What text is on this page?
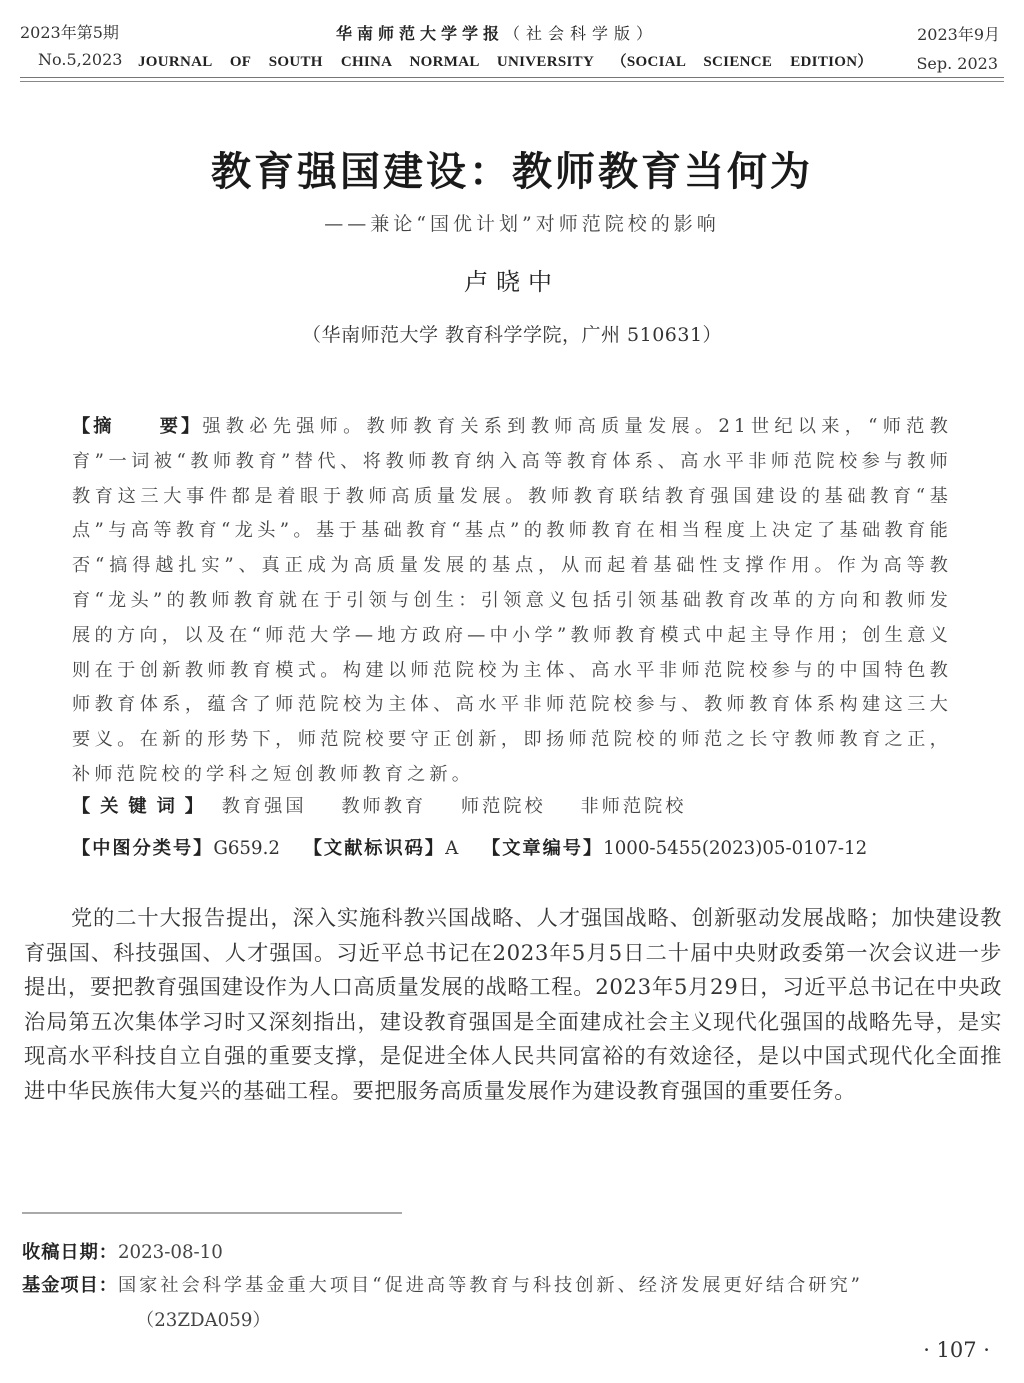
2023年第5期	华南师范大学学报（社会科学版）	2023年9月
No.5,2023 JOURNAL OF SOUTH CHINA NORMAL UNIVERSITY （SOCIAL SCIENCE EDITION）	Sep. 2023
教育强国建设：教师教育当何为
——兼论“国优计划”对师范院校的影响
卢晓中
（华南师范大学 教育科学学院，广州 510631）
【摘 要】强教必先强师。教师教育关系到教师高质量发展。21世纪以来，“师范教育”一词被“教师教育”替代、将教师教育纳入高等教育体系、高水平非师范院校参与教师教育这三大事件都是着眼于教师高质量发展。教师教育联结教育强国建设的基础教育“基点”与高等教育“龙头”。基于基础教育“基点”的教师教育在相当程度上决定了基础教育能否“搞得越扎实”、真正成为高质量发展的基点，从而起着基础性支撑作用。作为高等教育“龙头”的教师教育就在于引领与创生：引领意义包括引领基础教育改革的方向和教师发展的方向，以及在“师范大学—地方政府—中小学”教师教育模式中起主导作用；创生意义则在于创新教师教育模式。构建以师范院校为主体、高水平非师范院校参与的中国特色教师教育体系，蕴含了师范院校为主体、高水平非师范院校参与、教师教育体系构建这三大要义。在新的形势下，师范院校要守正创新，即扬师范院校的师范之长守教师教育之正，补师范院校的学科之短创教师教育之新。
【关键词】 教育强国 教师教育 师范院校 非师范院校
【中图分类号】G659.2 【文献标识码】A 【文章编号】1000-5455(2023)05-0107-12

党的二十大报告提出，深入实施科教兴国战略、人才强国战略、创新驱动发展战略；加快建设教育强国、科技强国、人才强国。习近平总书记在2023年5月5日二十届中央财政委第一次会议进一步提出，要把教育强国建设作为人口高质量发展的战略工程。2023年5月29日，习近平总书记在中央政治局第五次集体学习时又深刻指出，建设教育强国是全面建成社会主义现代化强国的战略先导，是实现高水平科技自立自强的重要支撑，是促进全体人民共同富裕的有效途径，是以中国式现代化全面推进中华民族伟大复兴的基础工程。要把服务高质量发展作为建设教育强国的重要任务。

收稿日期：2023-08-10
基金项目：国家社会科学基金重大项目“促进高等教育与科技创新、经济发展更好结合研究”
（23ZDA059）
· 107 ·
